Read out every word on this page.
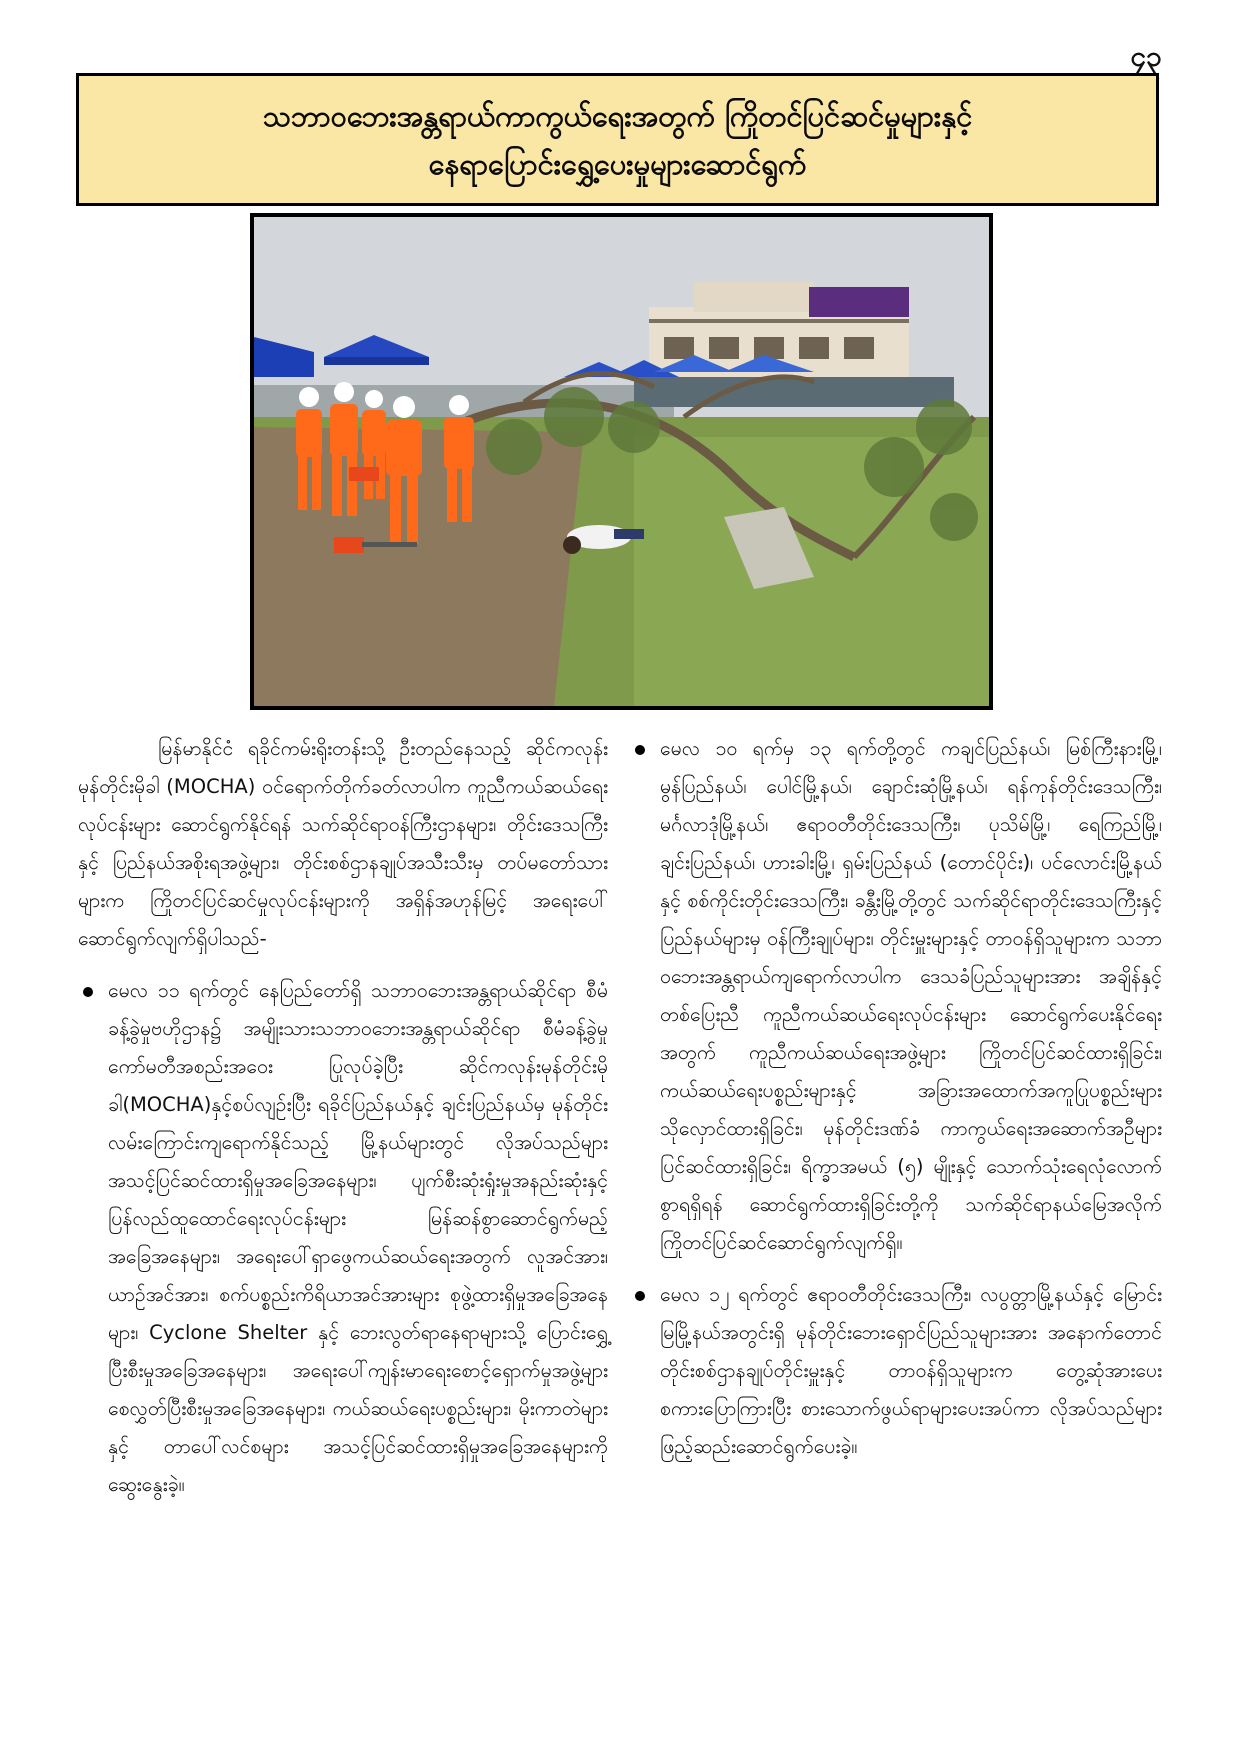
၄၃
သဘာဝဘေးအန္တရာယ်ကာကွယ်ရေးအတွက် ကြိုတင်ပြင်ဆင်မှုများနှင့်
နေရာပြောင်းရွှေ့ပေးမှုများဆောင်ရွက်

မြန်မာနိုင်ငံ ရခိုင်ကမ်းရိုးတန်းသို့ ဦးတည်နေသည့် ဆိုင်ကလုန်းမုန်တိုင်းမိုခါ (MOCHA) ဝင်ရောက်တိုက်ခတ်လာပါက ကူညီကယ်ဆယ်ရေးလုပ်ငန်းများ ဆောင်ရွက်နိုင်ရန် သက်ဆိုင်ရာဝန်ကြီးဌာနများ၊ တိုင်းဒေသကြီးနှင့် ပြည်နယ်အစိုးရအဖွဲ့များ၊ တိုင်းစစ်ဌာနချုပ်အသီးသီးမှ တပ်မတော်သားများက ကြိုတင်ပြင်ဆင်မှုလုပ်ငန်းများကို အရှိန်အဟုန်မြင့် အရေးပေါ်ဆောင်ရွက်လျက်ရှိပါသည်-

မေလ ၁၁ ရက်တွင် နေပြည်တော်ရှိ သဘာဝဘေးအန္တရာယ်ဆိုင်ရာ စီမံခန့်ခွဲမှုဗဟိုဌာန၌ အမျိုးသားသဘာဝဘေးအန္တရာယ်ဆိုင်ရာ စီမံခန့်ခွဲမှုကော်မတီအစည်းအဝေး ပြုလုပ်ခဲ့ပြီး ဆိုင်ကလုန်းမုန်တိုင်းမိုခါ(MOCHA)နှင့်စပ်လျဉ်းပြီး ရခိုင်ပြည်နယ်နှင့် ချင်းပြည်နယ်မှ မုန်တိုင်းလမ်းကြောင်းကျရောက်နိုင်သည့် မြို့နယ်များတွင် လိုအပ်သည်များ အသင့်ပြင်ဆင်ထားရှိမှုအခြေအနေများ၊ ပျက်စီးဆုံးရှုံးမှုအနည်းဆုံးနှင့် ပြန်လည်ထူထောင်ရေးလုပ်ငန်းများ မြန်ဆန်စွာဆောင်ရွက်မည့်အခြေအနေများ၊ အရေးပေါ်ရှာဖွေကယ်ဆယ်ရေးအတွက် လူအင်အား၊ ယာဉ်အင်အား၊ စက်ပစ္စည်းကိရိယာအင်အားများ စုဖွဲ့ထားရှိမှုအခြေအနေများ၊ Cyclone Shelter နှင့် ဘေးလွတ်ရာနေရာများသို့ ပြောင်းရွှေ့ပြီးစီးမှုအခြေအနေများ၊ အရေးပေါ်ကျန်းမာရေးစောင့်ရှောက်မှုအဖွဲ့များ စေလွှတ်ပြီးစီးမှုအခြေအနေများ၊ ကယ်ဆယ်ရေးပစ္စည်းများ၊ မိုးကာတဲများနှင့် တာပေါ်လင်စများ အသင့်ပြင်ဆင်ထားရှိမှုအခြေအနေများကို ဆွေးနွေးခဲ့။

မေလ ၁၀ ရက်မှ ၁၃ ရက်တို့တွင် ကချင်ပြည်နယ်၊ မြစ်ကြီးနားမြို့၊ မွန်ပြည်နယ်၊ ပေါင်မြို့နယ်၊ ချောင်းဆုံမြို့နယ်၊ ရန်ကုန်တိုင်းဒေသကြီး၊ မင်္ဂလာဒုံမြို့နယ်၊ ဧရာဝတီတိုင်းဒေသကြီး၊ ပုသိမ်မြို့၊ ရေကြည်မြို့၊ ချင်းပြည်နယ်၊ ဟားခါးမြို့၊ ရှမ်းပြည်နယ် (တောင်ပိုင်း)၊ ပင်လောင်းမြို့နယ်နှင့် စစ်ကိုင်းတိုင်းဒေသကြီး၊ ခန္တီးမြို့တို့တွင် သက်ဆိုင်ရာတိုင်းဒေသကြီးနှင့် ပြည်နယ်များမှ ဝန်ကြီးချုပ်များ၊ တိုင်းမှူးများနှင့် တာဝန်ရှိသူများက သဘာဝဘေးအန္တရာယ်ကျရောက်လာပါက ဒေသခံပြည်သူများအား အချိန်နှင့်တစ်ပြေးညီ ကူညီကယ်ဆယ်ရေးလုပ်ငန်းများ ဆောင်ရွက်ပေးနိုင်ရေးအတွက် ကူညီကယ်ဆယ်ရေးအဖွဲ့များ ကြိုတင်ပြင်ဆင်ထားရှိခြင်း၊ ကယ်ဆယ်ရေးပစ္စည်းများနှင့် အခြားအထောက်အကူပြုပစ္စည်းများ သိုလှောင်ထားရှိခြင်း၊ မုန်တိုင်းဒဏ်ခံ ကာကွယ်ရေးအဆောက်အဦများ ပြင်ဆင်ထားရှိခြင်း၊ ရိက္ခာအမယ် (၅) မျိုးနှင့် သောက်သုံးရေလုံလောက်စွာရရှိရန် ဆောင်ရွက်ထားရှိခြင်းတို့ကို သက်ဆိုင်ရာနယ်မြေအလိုက် ကြိုတင်ပြင်ဆင်ဆောင်ရွက်လျက်ရှိ။

မေလ ၁၂ ရက်တွင် ဧရာဝတီတိုင်းဒေသကြီး၊ လပွတ္တာမြို့နယ်နှင့် မြောင်းမြမြို့နယ်အတွင်းရှိ မုန်တိုင်းဘေးရှောင်ပြည်သူများအား အနောက်တောင်တိုင်းစစ်ဌာနချုပ်တိုင်းမှူးနှင့် တာဝန်ရှိသူများက တွေ့ဆုံအားပေးစကားပြောကြားပြီး စားသောက်ဖွယ်ရာများပေးအပ်ကာ လိုအပ်သည်များ ဖြည့်ဆည်းဆောင်ရွက်ပေးခဲ့။
